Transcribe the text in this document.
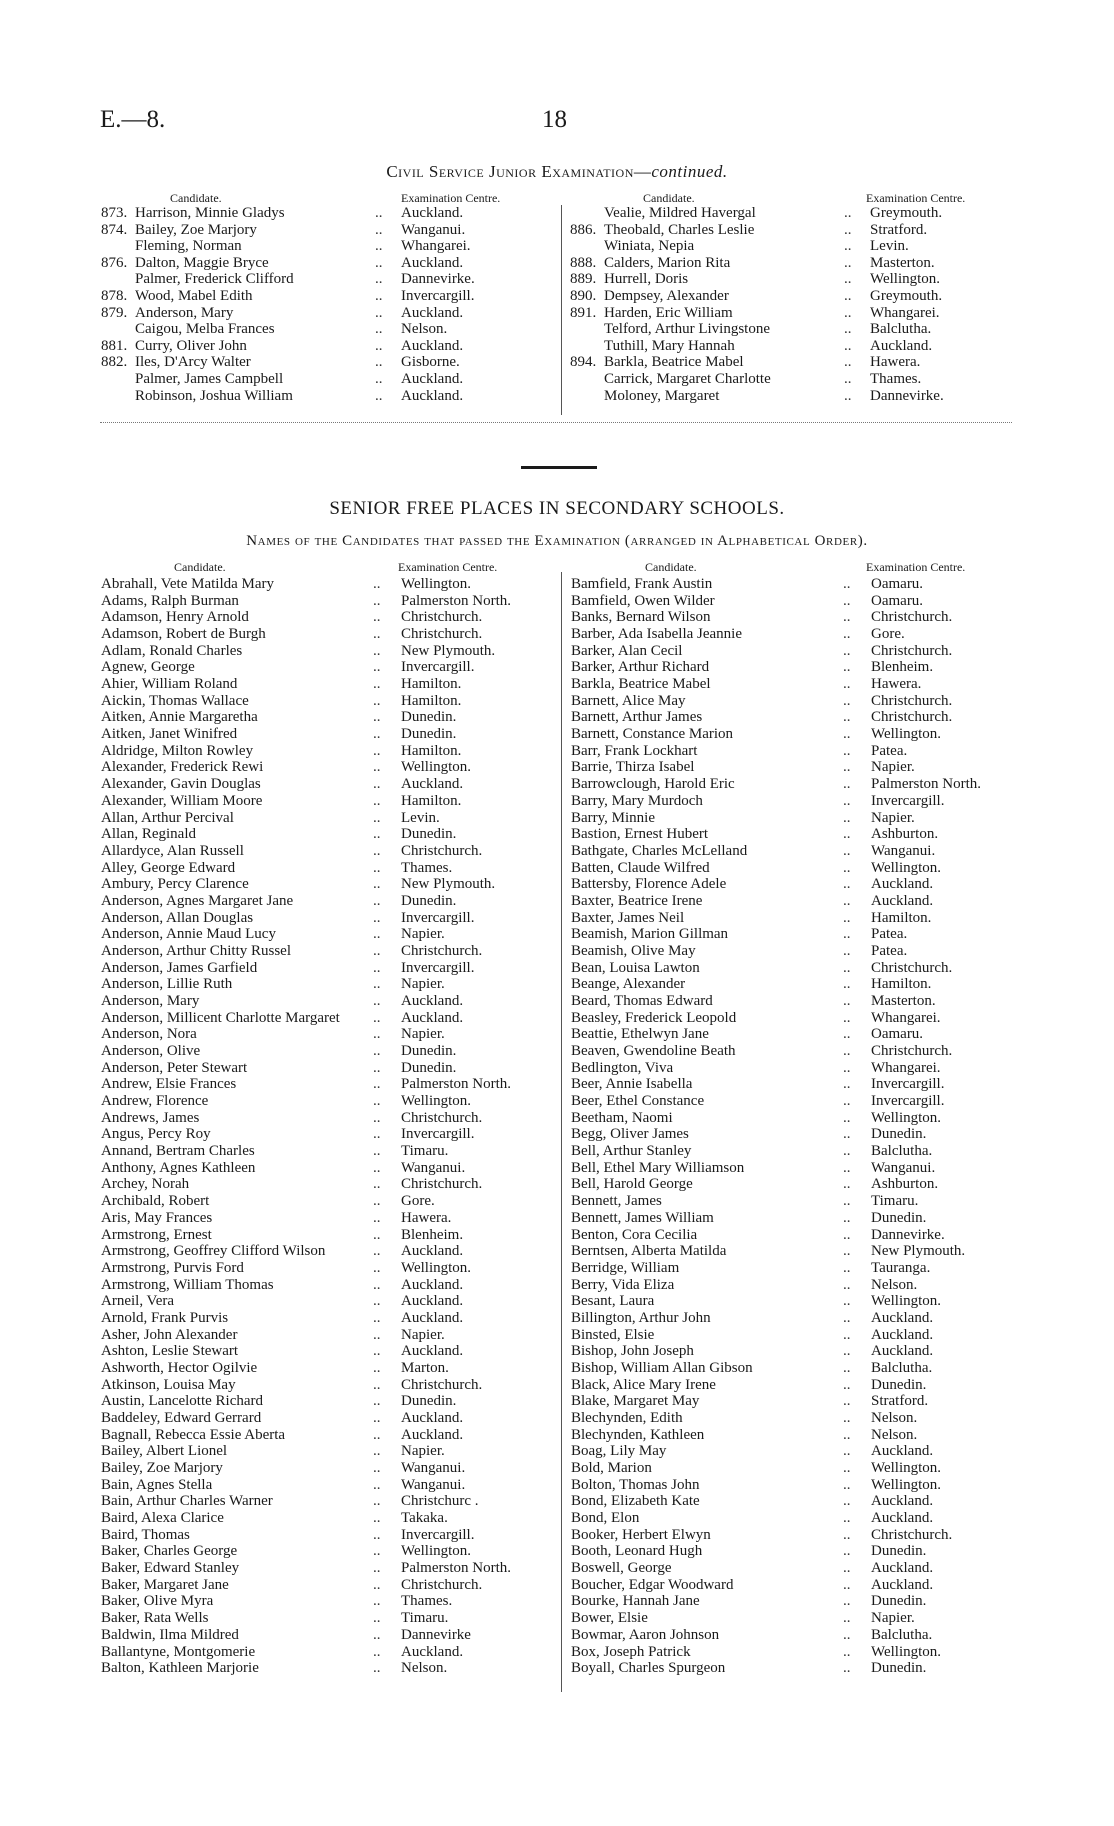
E.—8.	18
Civil Service Junior Examination—continued.
Candidate.	Examination Centre.	Candidate.	Examination Centre.
873. Harrison, Minnie Gladys	.. Auckland.
874. Bailey, Zoe Marjory	.. Wanganui.
Fleming, Norman	.. Whangarei.
876. Dalton, Maggie Bryce	.. Auckland.
Palmer, Frederick Clifford	.. Dannevirke.
878. Wood, Mabel Edith	.. Invercargill.
879. Anderson, Mary	.. Auckland.
Caigou, Melba Frances	.. Nelson.
881. Curry, Oliver John	.. Auckland.
882. Iles, D'Arcy Walter	.. Gisborne.
Palmer, James Campbell	.. Auckland.
Robinson, Joshua William	.. Auckland.
Vealie, Mildred Havergal	.. Greymouth.
886. Theobald, Charles Leslie	.. Stratford.
Winiata, Nepia	.. Levin.
888. Calders, Marion Rita	.. Masterton.
889. Hurrell, Doris	.. Wellington.
890. Dempsey, Alexander	.. Greymouth.
891. Harden, Eric William	.. Whangarei.
Telford, Arthur Livingstone	.. Balclutha.
Tuthill, Mary Hannah	.. Auckland.
894. Barkla, Beatrice Mabel	.. Hawera.
Carrick, Margaret Charlotte	.. Thames.
Moloney, Margaret	.. Dannevirke.
SENIOR FREE PLACES IN SECONDARY SCHOOLS.
Names of the Candidates that passed the Examination (arranged in Alphabetical Order).
Candidate.	Examination Centre.	Candidate.	Examination Centre.
Abrahall, Vete Matilda Mary	.. Wellington.
Adams, Ralph Burman	.. Palmerston North.
Adamson, Henry Arnold	.. Christchurch.
Adamson, Robert de Burgh	.. Christchurch.
Adlam, Ronald Charles	.. New Plymouth.
Agnew, George	.. Invercargill.
Ahier, William Roland	.. Hamilton.
Aickin, Thomas Wallace	.. Hamilton.
Aitken, Annie Margaretha	.. Dunedin.
Aitken, Janet Winifred	.. Dunedin.
Aldridge, Milton Rowley	.. Hamilton.
Alexander, Frederick Rewi	.. Wellington.
Alexander, Gavin Douglas	.. Auckland.
Alexander, William Moore	.. Hamilton.
Allan, Arthur Percival	.. Levin.
Allan, Reginald	.. Dunedin.
Allardyce, Alan Russell	.. Christchurch.
Alley, George Edward	.. Thames.
Ambury, Percy Clarence	.. New Plymouth.
Anderson, Agnes Margaret Jane	.. Dunedin.
Anderson, Allan Douglas	.. Invercargill.
Anderson, Annie Maud Lucy	.. Napier.
Anderson, Arthur Chitty Russel	.. Christchurch.
Anderson, James Garfield	.. Invercargill.
Anderson, Lillie Ruth	.. Napier.
Anderson, Mary	.. Auckland.
Anderson, Millicent Charlotte Margaret .. Auckland.
Anderson, Nora	.. Napier.
Anderson, Olive	.. Dunedin.
Anderson, Peter Stewart	.. Dunedin.
Andrew, Elsie Frances	.. Palmerston North.
Andrew, Florence	.. Wellington.
Andrews, James	.. Christchurch.
Angus, Percy Roy	.. Invercargill.
Annand, Bertram Charles	.. Timaru.
Anthony, Agnes Kathleen	.. Wanganui.
Archey, Norah	.. Christchurch.
Archibald, Robert	.. Gore.
Aris, May Frances	.. Hawera.
Armstrong, Ernest	.. Blenheim.
Armstrong, Geoffrey Clifford Wilson	.. Auckland.
Armstrong, Purvis Ford	.. Wellington.
Armstrong, William Thomas	.. Auckland.
Arneil, Vera	.. Auckland.
Arnold, Frank Purvis	.. Auckland.
Asher, John Alexander	.. Napier.
Ashton, Leslie Stewart	.. Auckland.
Ashworth, Hector Ogilvie	.. Marton.
Atkinson, Louisa May	.. Christchurch.
Austin, Lancelotte Richard	.. Dunedin.
Baddeley, Edward Gerrard	.. Auckland.
Bagnall, Rebecca Essie Aberta	.. Auckland.
Bailey, Albert Lionel	.. Napier.
Bailey, Zoe Marjory	.. Wanganui.
Bain, Agnes Stella	.. Wanganui.
Bain, Arthur Charles Warner	.. Christchurc .
Baird, Alexa Clarice	.. Takaka.
Baird, Thomas	.. Invercargill.
Baker, Charles George	.. Wellington.
Baker, Edward Stanley	.. Palmerston North.
Baker, Margaret Jane	.. Christchurch.
Baker, Olive Myra	.. Thames.
Baker, Rata Wells	.. Timaru.
Baldwin, Ilma Mildred	.. Dannevirke
Ballantyne, Montgomerie	.. Auckland.
Balton, Kathleen Marjorie	.. Nelson.
Bamfield, Frank Austin	.. Oamaru.
Bamfield, Owen Wilder	.. Oamaru.
Banks, Bernard Wilson	.. Christchurch.
Barber, Ada Isabella Jeannie	.. Gore.
Barker, Alan Cecil	.. Christchurch.
Barker, Arthur Richard	.. Blenheim.
Barkla, Beatrice Mabel	.. Hawera.
Barnett, Alice May	.. Christchurch.
Barnett, Arthur James	.. Christchurch.
Barnett, Constance Marion	.. Wellington.
Barr, Frank Lockhart	.. Patea.
Barrie, Thirza Isabel	.. Napier.
Barrowclough, Harold Eric	.. Palmerston North.
Barry, Mary Murdoch	.. Invercargill.
Barry, Minnie	.. Napier.
Bastion, Ernest Hubert	.. Ashburton.
Bathgate, Charles McLelland	.. Wanganui.
Batten, Claude Wilfred	.. Wellington.
Battersby, Florence Adele	.. Auckland.
Baxter, Beatrice Irene	.. Auckland.
Baxter, James Neil	.. Hamilton.
Beamish, Marion Gillman	.. Patea.
Beamish, Olive May	.. Patea.
Bean, Louisa Lawton	.. Christchurch.
Beange, Alexander	.. Hamilton.
Beard, Thomas Edward	.. Masterton.
Beasley, Frederick Leopold	.. Whangarei.
Beattie, Ethelwyn Jane	.. Oamaru.
Beaven, Gwendoline Beath	.. Christchurch.
Bedlington, Viva	.. Whangarei.
Beer, Annie Isabella	.. Invercargill.
Beer, Ethel Constance	.. Invercargill.
Beetham, Naomi	.. Wellington.
Begg, Oliver James	.. Dunedin.
Bell, Arthur Stanley	.. Balclutha.
Bell, Ethel Mary Williamson	.. Wanganui.
Bell, Harold George	.. Ashburton.
Bennett, James	.. Timaru.
Bennett, James William	.. Dunedin.
Benton, Cora Cecilia	.. Dannevirke.
Berntsen, Alberta Matilda	.. New Plymouth.
Berridge, William	.. Tauranga.
Berry, Vida Eliza	.. Nelson.
Besant, Laura	.. Wellington.
Billington, Arthur John	.. Auckland.
Binsted, Elsie	.. Auckland.
Bishop, John Joseph	.. Auckland.
Bishop, William Allan Gibson	.. Balclutha.
Black, Alice Mary Irene	.. Dunedin.
Blake, Margaret May	.. Stratford.
Blechynden, Edith	.. Nelson.
Blechynden, Kathleen	.. Nelson.
Boag, Lily May	.. Auckland.
Bold, Marion	.. Wellington.
Bolton, Thomas John	.. Wellington.
Bond, Elizabeth Kate	.. Auckland.
Bond, Elon	.. Auckland.
Booker, Herbert Elwyn	.. Christchurch.
Booth, Leonard Hugh	.. Dunedin.
Boswell, George	.. Auckland.
Boucher, Edgar Woodward	.. Auckland.
Bourke, Hannah Jane	.. Dunedin.
Bower, Elsie	.. Napier.
Bowmar, Aaron Johnson	.. Balclutha.
Box, Joseph Patrick	.. Wellington.
Boyall, Charles Spurgeon	.. Dunedin.
